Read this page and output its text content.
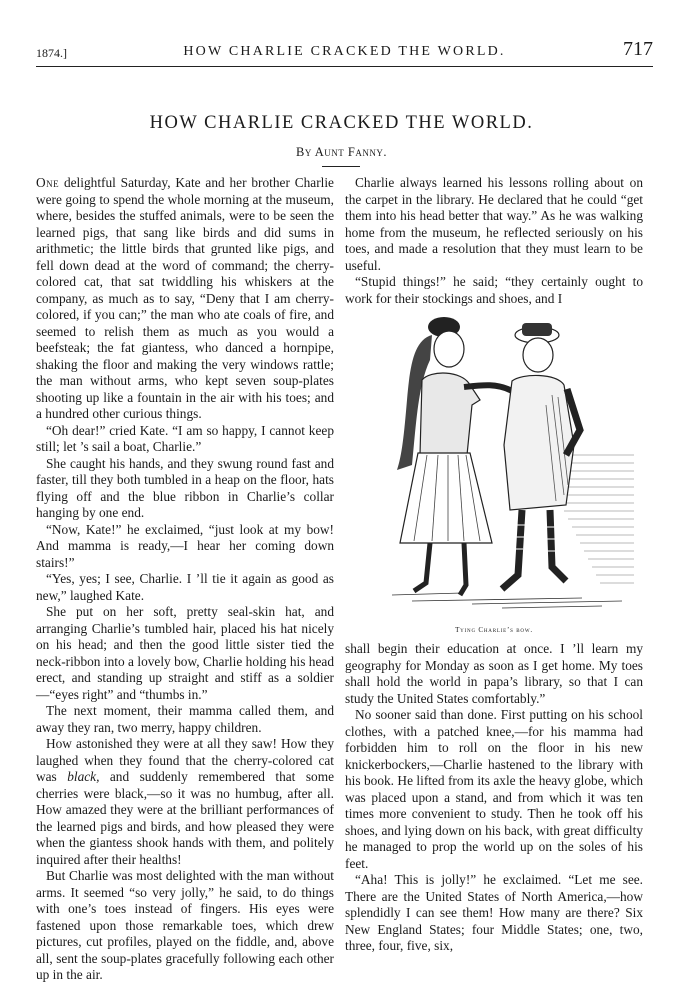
1874.]	HOW CHARLIE CRACKED THE WORLD.	717
HOW CHARLIE CRACKED THE WORLD.
By Aunt Fanny.

One delightful Saturday, Kate and her brother Charlie were going to spend the whole morning at the museum, where, besides the stuffed animals, were to be seen the learned pigs, that sang like birds and did sums in arithmetic; the little birds that grunted like pigs, and fell down dead at the word of command; the cherry-colored cat, that sat twiddling his whiskers at the company, as much as to say, “Deny that I am cherry-colored, if you can;” the man who ate coals of fire, and seemed to relish them as much as you would a beefsteak; the fat giantess, who danced a hornpipe, shaking the floor and making the very windows rattle; the man without arms, who kept seven soup-plates shooting up like a fountain in the air with his toes; and a hundred other curious things.

“Oh dear!” cried Kate. “I am so happy, I cannot keep still; let ’s sail a boat, Charlie.”

She caught his hands, and they swung round fast and faster, till they both tumbled in a heap on the floor, hats flying off and the blue ribbon in Charlie’s collar hanging by one end.

“Now, Kate!” he exclaimed, “just look at my bow! And mamma is ready,—I hear her coming down stairs!”

“Yes, yes; I see, Charlie. I ’ll tie it again as good as new,” laughed Kate.

She put on her soft, pretty seal-skin hat, and arranging Charlie’s tumbled hair, placed his hat nicely on his head; and then the good little sister tied the neck-ribbon into a lovely bow, Charlie holding his head erect, and standing up straight and stiff as a soldier—“eyes right” and “thumbs in.”

The next moment, their mamma called them, and away they ran, two merry, happy children.

How astonished they were at all they saw! How they laughed when they found that the cherry-colored cat was black, and suddenly remembered that some cherries were black,—so it was no humbug, after all. How amazed they were at the brilliant performances of the learned pigs and birds, and how pleased they were when the giantess shook hands with them, and politely inquired after their healths!

But Charlie was most delighted with the man without arms. It seemed “so very jolly,” he said, to do things with one’s toes instead of fingers. His eyes were fastened upon those remarkable toes, which drew pictures, cut profiles, played on the fiddle, and, above all, sent the soup-plates gracefully following each other up in the air.

Charlie always learned his lessons rolling about on the carpet in the library. He declared that he could “get them into his head better that way.” As he was walking home from the museum, he reflected seriously on his toes, and made a resolution that they must learn to be useful.

“Stupid things!” he said; “they certainly ought to work for their stockings and shoes, and I

Tying Charlie’s bow.

shall begin their education at once. I ’ll learn my geography for Monday as soon as I get home. My toes shall hold the world in papa’s library, so that I can study the United States comfortably.”

No sooner said than done. First putting on his school clothes, with a patched knee,—for his mamma had forbidden him to roll on the floor in his new knickerbockers,—Charlie hastened to the library with his book. He lifted from its axle the heavy globe, which was placed upon a stand, and from which it was ten times more convenient to study. Then he took off his shoes, and lying down on his back, with great difficulty he managed to prop the world up on the soles of his feet.

“Aha! This is jolly!” he exclaimed. “Let me see. There are the United States of North America,—how splendidly I can see them! How many are there? Six New England States; four Middle States; one, two, three, four, five, six,
